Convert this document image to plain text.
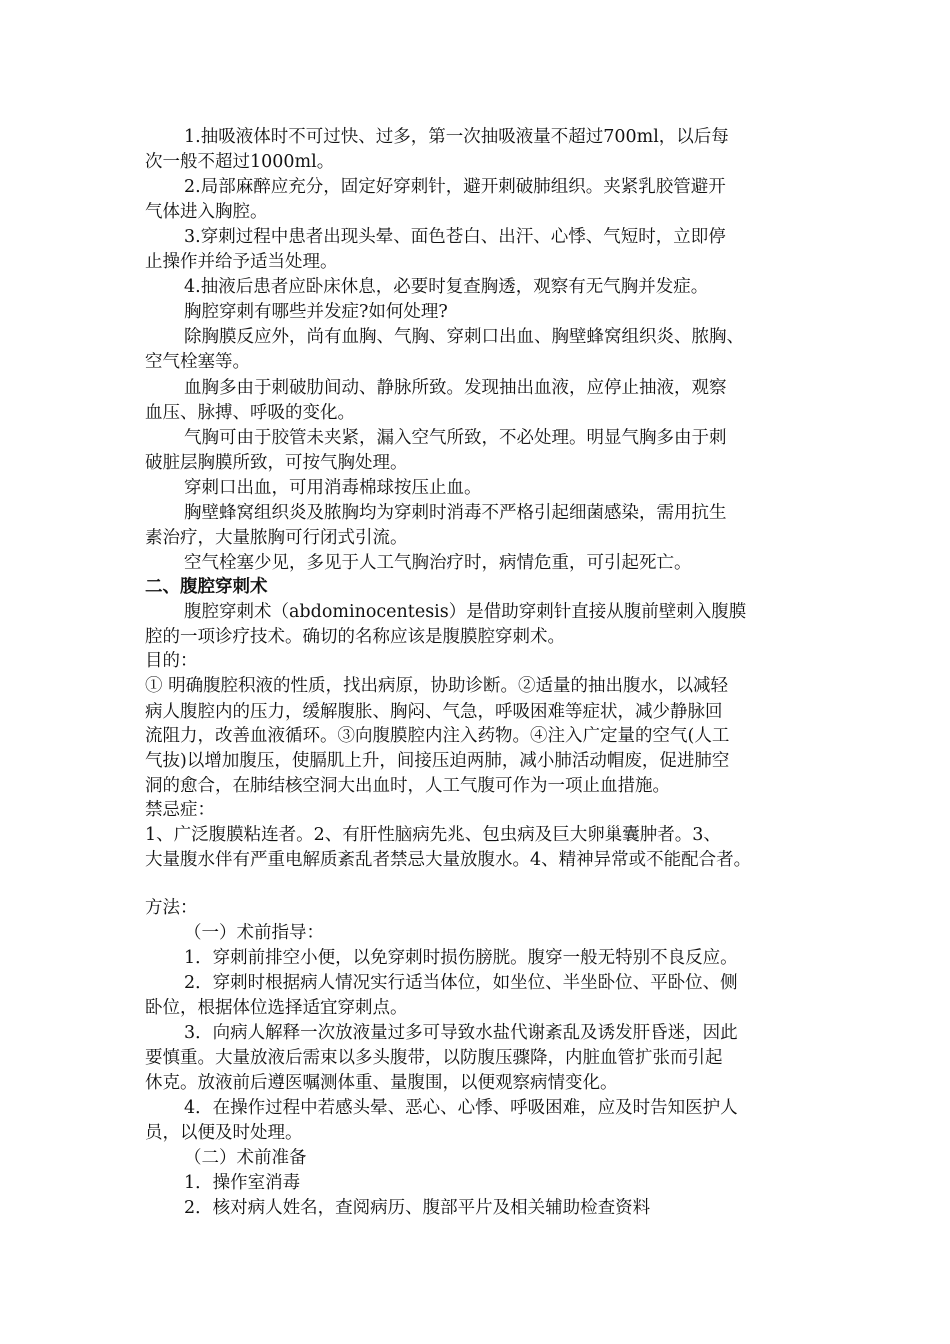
1.抽吸液体时不可过快、过多，第一次抽吸液量不超过700ml，以后每
次一般不超过1000ml。
2.局部麻醉应充分，固定好穿刺针，避开刺破肺组织。夹紧乳胶管避开
气体进入胸腔。
3.穿刺过程中患者出现头晕、面色苍白、出汗、心悸、气短时，立即停
止操作并给予适当处理。
4.抽液后患者应卧床休息，必要时复查胸透，观察有无气胸并发症。
胸腔穿刺有哪些并发症?如何处理?
除胸膜反应外，尚有血胸、气胸、穿刺口出血、胸壁蜂窝组织炎、脓胸、
空气栓塞等。
血胸多由于刺破肋间动、静脉所致。发现抽出血液，应停止抽液，观察
血压、脉搏、呼吸的变化。
气胸可由于胶管未夹紧，漏入空气所致，不必处理。明显气胸多由于刺
破脏层胸膜所致，可按气胸处理。
穿刺口出血，可用消毒棉球按压止血。
胸壁蜂窝组织炎及脓胸均为穿刺时消毒不严格引起细菌感染，需用抗生
素治疗，大量脓胸可行闭式引流。
空气栓塞少见，多见于人工气胸治疗时，病情危重，可引起死亡。
二、腹腔穿刺术
腹腔穿刺术（abdominocentesis）是借助穿刺针直接从腹前壁刺入腹膜
腔的一项诊疗技术。确切的名称应该是腹膜腔穿刺术。
目的：
① 明确腹腔积液的性质，找出病原，协助诊断。②适量的抽出腹水，以减轻
病人腹腔内的压力，缓解腹胀、胸闷、气急，呼吸困难等症状，减少静脉回
流阻力，改善血液循环。③向腹膜腔内注入药物。④注入广定量的空气(人工
气抜)以增加腹压，使膈肌上升，间接压迫两肺，减小肺活动帽废，促进肺空
洞的愈合，在肺结核空洞大出血时，人工气腹可作为一项止血措施。
禁忌症：
1、广泛腹膜粘连者。2、有肝性脑病先兆、包虫病及巨大卵巢囊肿者。3、
大量腹水伴有严重电解质紊乱者禁忌大量放腹水。4、精神异常或不能配合者。
方法：
（一）术前指导：
1．穿刺前排空小便，以免穿刺时损伤膀胱。腹穿一般无特别不良反应。
2．穿刺时根据病人情况实行适当体位，如坐位、半坐卧位、平卧位、侧
卧位，根据体位选择适宜穿刺点。
3．向病人解释一次放液量过多可导致水盐代谢紊乱及诱发肝昏迷，因此
要慎重。大量放液后需束以多头腹带，以防腹压骤降，内脏血管扩张而引起
休克。放液前后遵医嘱测体重、量腹围，以便观察病情变化。
4．在操作过程中若感头晕、恶心、心悸、呼吸困难，应及时告知医护人
员，以便及时处理。
（二）术前准备
1．操作室消毒
2．核对病人姓名，查阅病历、腹部平片及相关辅助检查资料
